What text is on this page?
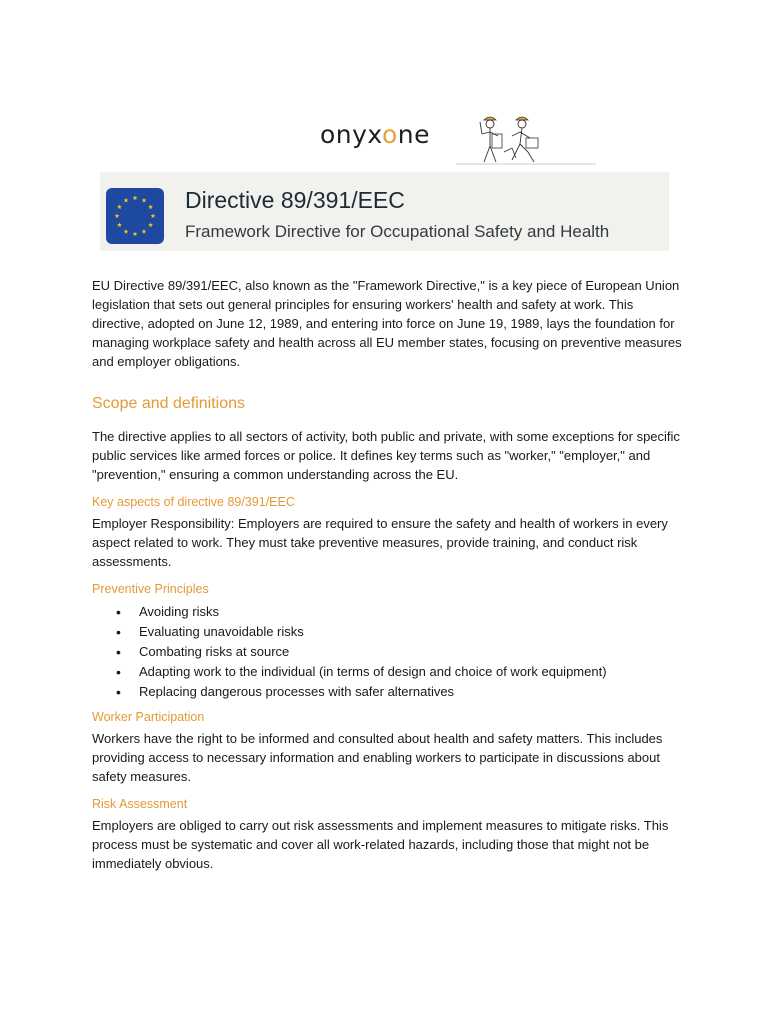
onyxone
Directive 89/391/EEC
Framework Directive for Occupational Safety and Health

EU Directive 89/391/EEC, also known as the "Framework Directive," is a key piece of European Union legislation that sets out general principles for ensuring workers' health and safety at work. This directive, adopted on June 12, 1989, and entering into force on June 19, 1989, lays the foundation for managing workplace safety and health across all EU member states, focusing on preventive measures and employer obligations.

Scope and definitions

The directive applies to all sectors of activity, both public and private, with some exceptions for specific public services like armed forces or police. It defines key terms such as "worker," "employer," and "prevention," ensuring a common understanding across the EU.

Key aspects of directive 89/391/EEC

Employer Responsibility: Employers are required to ensure the safety and health of workers in every aspect related to work. They must take preventive measures, provide training, and conduct risk assessments.

Preventive Principles
• Avoiding risks
• Evaluating unavoidable risks
• Combating risks at source
• Adapting work to the individual (in terms of design and choice of work equipment)
• Replacing dangerous processes with safer alternatives
Worker Participation

Workers have the right to be informed and consulted about health and safety matters. This includes providing access to necessary information and enabling workers to participate in discussions about safety measures.

Risk Assessment

Employers are obliged to carry out risk assessments and implement measures to mitigate risks. This process must be systematic and cover all work-related hazards, including those that might not be immediately obvious.
